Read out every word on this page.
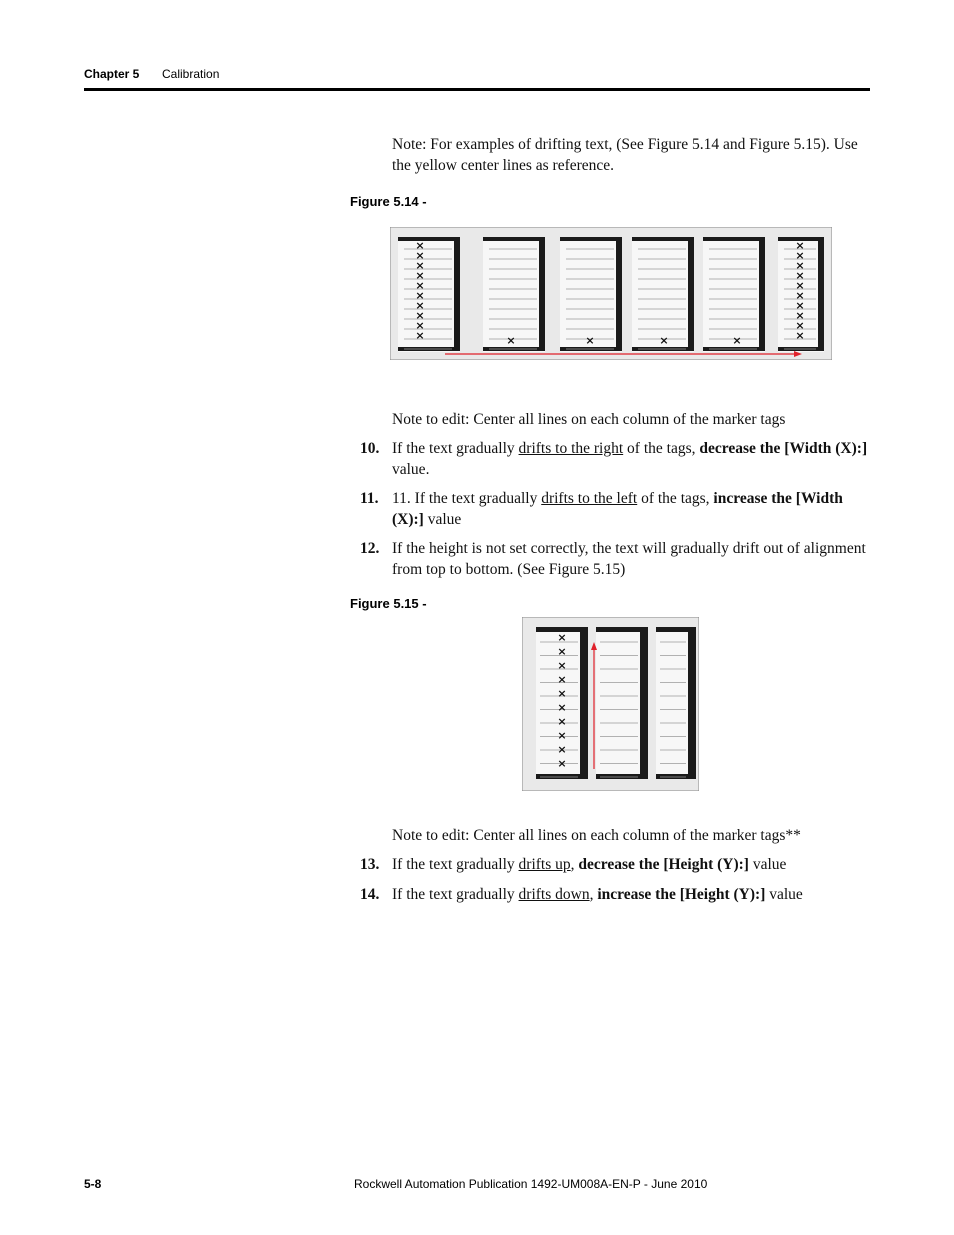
Chapter 5 Calibration
Note: For examples of drifting text, (See Figure 5.14 and Figure 5.15). Use the yellow center lines as reference.
Figure 5.14 -
×
×
×
×
×
×
×
×
×
×	×	×	×	×
×
×
×
×
×
×
×
×
×
×
Note to edit: Center all lines on each column of the marker tags
10. If the text gradually drifts to the right of the tags, decrease the [Width (X):] value.
11. 11. If the text gradually drifts to the left of the tags, increase the [Width (X):] value
12. If the height is not set correctly, the text will gradually drift out of alignment from top to bottom. (See Figure 5.15)
Figure 5.15 -
×
×
×
×
×
×
×
×
×
×
Note to edit: Center all lines on each column of the marker tags**
13. If the text gradually drifts up, decrease the [Height (Y):] value
14. If the text gradually drifts down, increase the [Height (Y):] value
5-8	Rockwell Automation Publication 1492-UM008A-EN-P - June 2010
